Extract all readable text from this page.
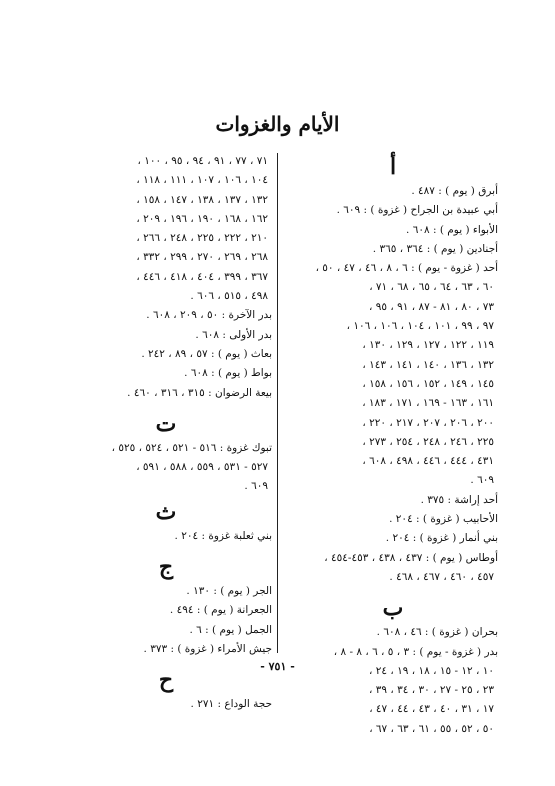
الأيام والغزوات
أ
أبرق ( يوم ) : ٤٨٧ .
أبي عبيدة بن الجراح ( غزوة ) : ٦٠٩ .
الأبواء ( يوم ) : ٦٠٨ .
أجنادين ( يوم ) : ٣٦٤ ، ٣٦٥ .
أحد ( غزوة - يوم ) : ٦ ، ٨ ، ٤٦ ، ٤٧ ، ٥٠ ،
٦٠ ، ٦٣ ، ٦٤ ، ٦٥ ، ٦٨ ، ٧١ ،
٧٣ ، ٨٠ ، ٨١ - ٨٧ ، ٩١ ، ٩٥ ،
٩٧ ، ٩٩ ، ١٠١ ، ١٠٤ ، ١٠٦ ، ١٠٦ ،
١١٩ ، ١٢٢ ، ١٢٧ ، ١٢٩ ، ١٣٠ ،
١٣٢ ، ١٣٦ ، ١٤٠ ، ١٤١ ، ١٤٣ ،
١٤٥ ، ١٤٩ ، ١٥٢ ، ١٥٦ ، ١٥٨ ،
١٦١ ، ١٦٣ - ١٦٩ ، ١٧١ ، ١٨٣ ،
٢٠٠ ، ٢٠٦ ، ٢٠٧ ، ٢١٧ ، ٢٢٠ ،
٢٢٥ ، ٢٤٦ ، ٢٤٨ ، ٢٥٤ ، ٢٧٣ ،
٤٣١ ، ٤٤٤ ، ٤٤٦ ، ٤٩٨ ، ٦٠٨ ،
٦٠٩ .
أحد إراشة : ٣٧٥ .
الأحابيب ( غزوة ) : ٢٠٤ .
بني أنمار ( غزوة ) : ٢٠٤ .
أوطاس ( يوم ) : ٤٣٧ ، ٤٣٨ ، ٤٥٣-٤٥٤ ،
٤٥٧ ، ٤٦٠ ، ٤٦٧ ، ٤٦٨ .
ب
بحران ( غزوة ) : ٤٦ ، ٦٠٨ .
بدر ( غزوة - يوم ) : ٣ ، ٥ ، ٦ ، ٨ - ٨ ،
١٠ ، ١٢ - ١٥ ، ١٨ ، ١٩ ، ٢٤ ،
٢٣ ، ٢٥ - ٢٧ ، ٣٠ ، ٣٤ ، ٣٩ ،
١٧ ، ٣١ ، ٤٠ ، ٤٣ ، ٤٤ ، ٤٧ ،
٥٠ ، ٥٢ ، ٥٥ ، ٦١ ، ٦٣ ، ٦٧ ،
٧١ ، ٧٧ ، ٩١ ، ٩٤ ، ٩٥ ، ١٠٠ ،
١٠٤ ، ١٠٦ ، ١٠٧ ، ١١١ ، ١١٨ ،
١٣٢ ، ١٣٧ ، ١٣٨ ، ١٤٧ ، ١٥٨ ،
١٦٢ ، ١٦٨ ، ١٩٠ ، ١٩٦ ، ٢٠٩ ،
٢١٠ ، ٢٢٢ ، ٢٢٥ ، ٢٤٨ ، ٢٦٦ ،
٢٦٨ ، ٢٦٩ ، ٢٧٠ ، ٢٩٩ ، ٣٣٢ ،
٣٦٧ ، ٣٩٩ ، ٤٠٤ ، ٤١٨ ، ٤٤٦ ،
٤٩٨ ، ٥١٥ ، ٦٠٦ .
بدر الآخرة : ٥٠ ، ٢٠٩ ، ٦٠٨ .
بدر الأولى : ٦٠٨ .
بعاث ( يوم ) : ٥٧ ، ٨٩ ، ٢٤٢ .
بواط ( يوم ) : ٦٠٨ .
بيعة الرضوان : ٣١٥ ، ٣١٦ ، ٤٦٠ .
ت
تبوك غزوة : ٥١٦ - ٥٢١ ، ٥٢٤ ، ٥٢٥ ،
٥٢٧ - ٥٣١ ، ٥٥٩ ، ٥٨٨ ، ٥٩١ ،
٦٠٩ .
ث
بني ثعلبة غزوة : ٢٠٤ .
ج
الجر ( يوم ) : ١٣٠ .
الجعرانة ( يوم ) : ٤٩٤ .
الجمل ( يوم ) : ٦ .
جيش الأمراء ( غزوة ) : ٣٧٣ .
ح
حجة الوداع : ٢٧١ .
- ٧٥١ -
